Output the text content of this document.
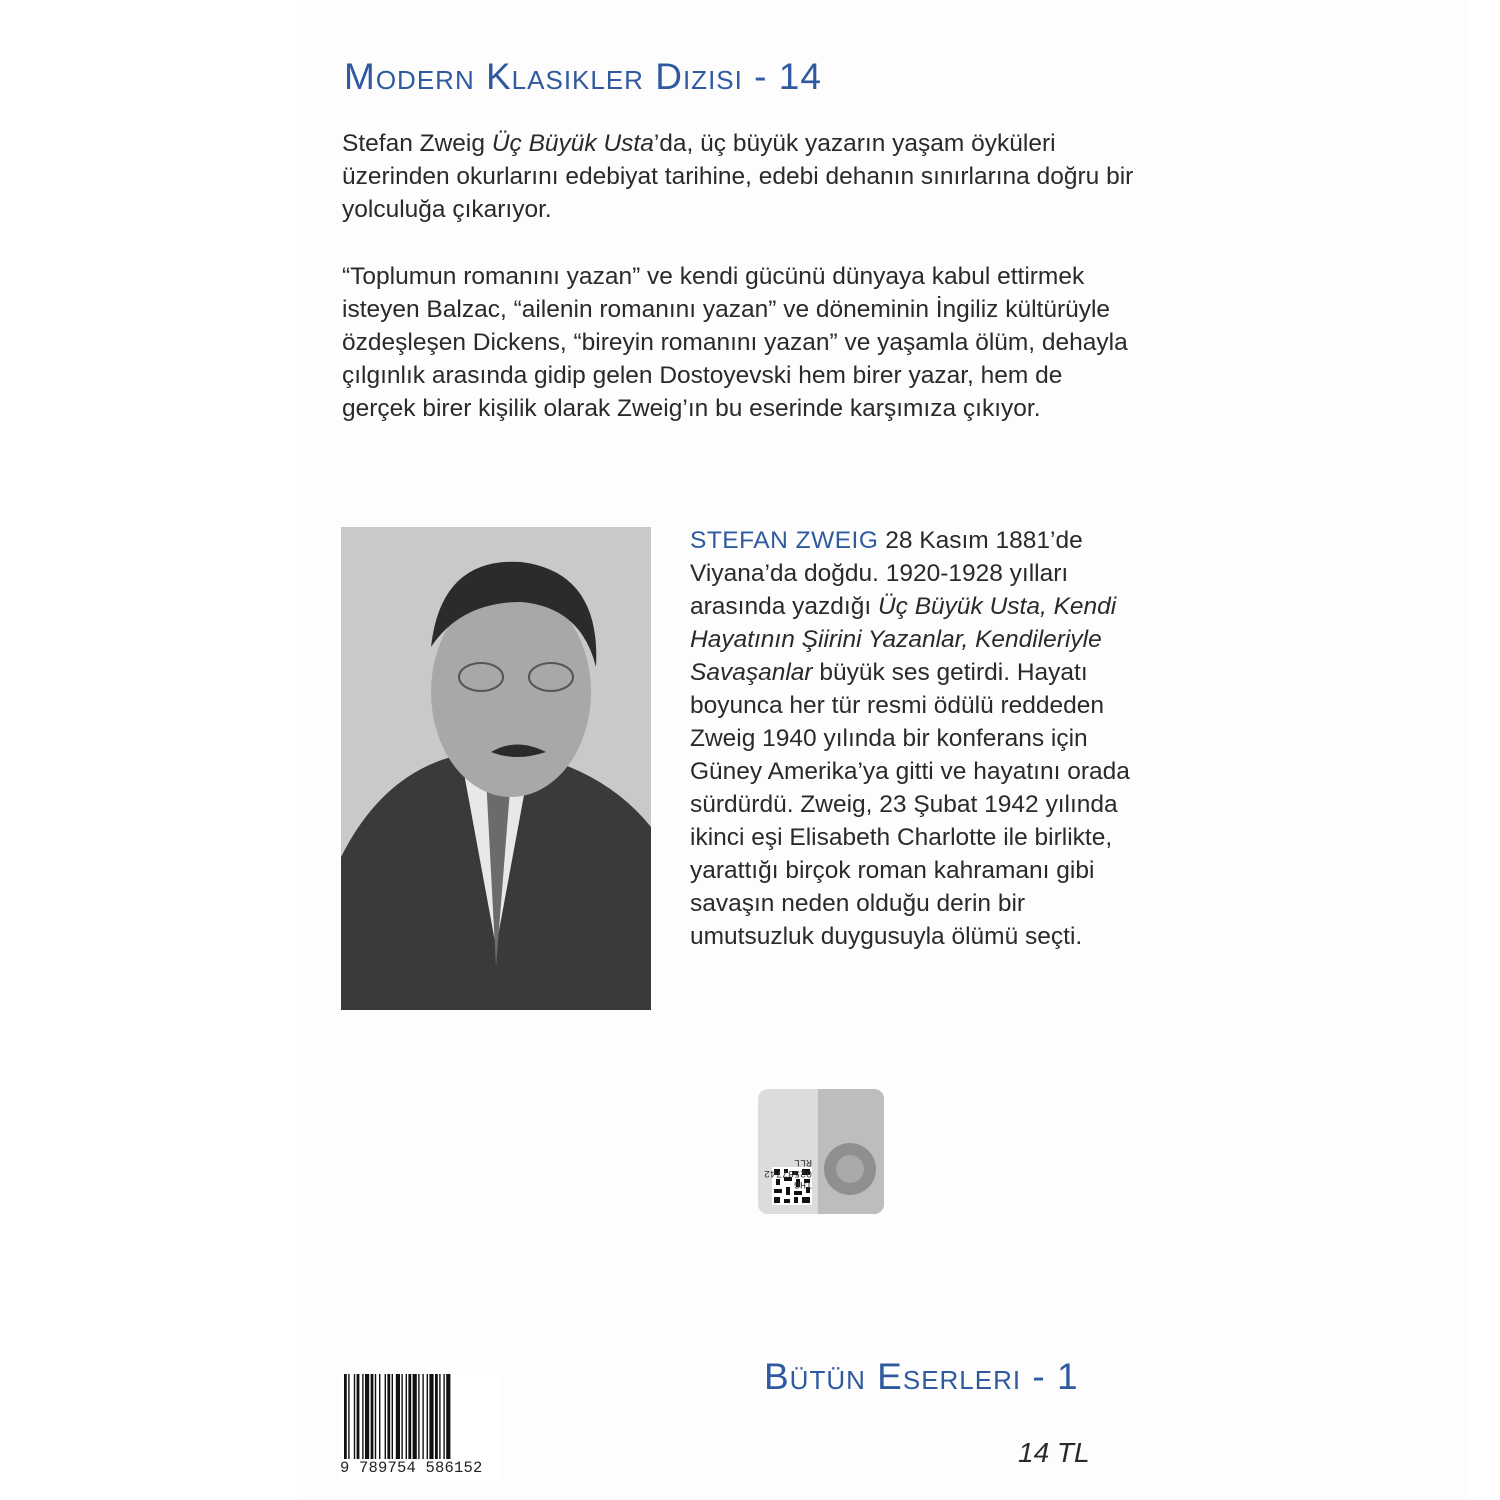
Modern Klasikler Dizisi - 14
Stefan Zweig Üç Büyük Usta’da, üç büyük yazarın yaşam öyküleri üzerinden okurlarını edebiyat tarihine, edebi dehanın sınırlarına doğru bir yolculuğa çıkarıyor.
“Toplumun romanını yazan” ve kendi gücünü dünyaya kabul ettirmek isteyen Balzac, “ailenin romanını yazan” ve döneminin İngiliz kültürüyle özdeşleşen Dickens, “bireyin romanını yazan” ve yaşamla ölüm, dehayla çılgınlık arasında gidip gelen Dostoyevski hem birer yazar, hem de gerçek birer kişilik olarak Zweig’ın bu eserinde karşımıza çıkıyor.
STEFAN ZWEIG 28 Kasım 1881’de Viyana’da doğdu. 1920-1928 yılları arasında yazdığı Üç Büyük Usta, Kendi Hayatının Şiirini Yazanlar, Kendileriyle Savaşanlar büyük ses getirdi. Hayatı boyunca her tür resmi ödülü reddeden Zweig 1940 yılında bir konferans için Güney Amerika’ya gitti ve hayatını orada sürdürdü. Zweig, 23 Şubat 1942 yılında ikinci eşi Elisabeth Charlotte ile birlikte, yarattığı birçok roman kahramanı gibi savaşın neden olduğu derin bir umutsuzluk duygusuyla ölümü seçti.
THG
02587742
RLL
Bütün Eserleri - 1
9 789754 586152	14 TL
